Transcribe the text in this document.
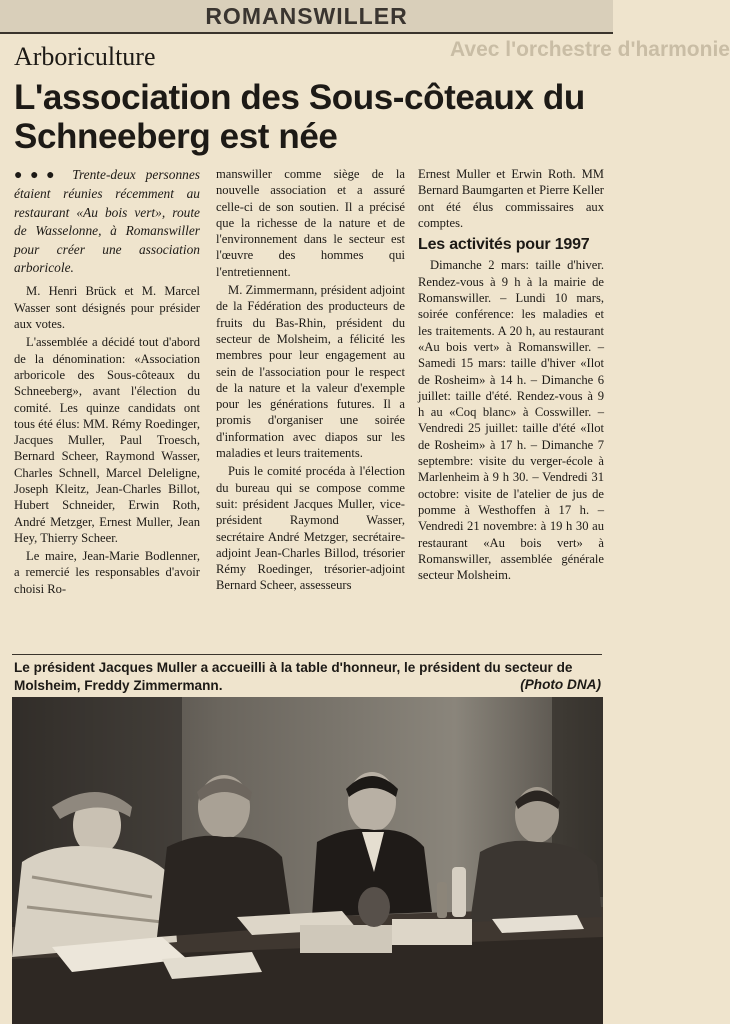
ROMANSWILLER
Avec l'orchestre d'harmonie
Arboriculture
L'association des Sous-côteaux du Schneeberg est née

●●● Trente-deux personnes étaient réunies récemment au restaurant «Au bois vert», route de Wasselonne, à Romanswiller pour créer une association arboricole.

M. Henri Brück et M. Marcel Wasser sont désignés pour présider aux votes.

L'assemblée a décidé tout d'abord de la dénomination: «Association arboricole des Sous-côteaux du Schneeberg», avant l'élection du comité. Les quinze candidats ont tous été élus: MM. Rémy Roedinger, Jacques Muller, Paul Troesch, Bernard Scheer, Raymond Wasser, Charles Schnell, Marcel Deleligne, Joseph Kleitz, Jean-Charles Billot, Hubert Schneider, Erwin Roth, André Metzger, Ernest Muller, Jean Hey, Thierry Scheer.

Le maire, Jean-Marie Bodlenner, a remercié les responsables d'avoir choisi Ro-

manswiller comme siège de la nouvelle association et a assuré celle-ci de son soutien. Il a précisé que la richesse de la nature et de l'environnement dans le secteur est l'œuvre des hommes qui l'entretiennent.

M. Zimmermann, président adjoint de la Fédération des producteurs de fruits du Bas-Rhin, président du secteur de Molsheim, a félicité les membres pour leur engagement au sein de l'association pour le respect de la nature et la valeur d'exemple pour les générations futures. Il a promis d'organiser une soirée d'information avec diapos sur les maladies et leurs traitements.

Puis le comité procéda à l'élection du bureau qui se compose comme suit: président Jacques Muller, vice-président Raymond Wasser, secrétaire André Metzger, secrétaire-adjoint Jean-Charles Billod, trésorier Rémy Roedinger, trésorier-adjoint Bernard Scheer, assesseurs

Ernest Muller et Erwin Roth. MM Bernard Baumgarten et Pierre Keller ont été élus commissaires aux comptes.

Les activités pour 1997

Dimanche 2 mars: taille d'hiver. Rendez-vous à 9 h à la mairie de Romanswiller. – Lundi 10 mars, soirée conférence: les maladies et les traitements. A 20 h, au restaurant «Au bois vert» à Romanswiller. – Samedi 15 mars: taille d'hiver «Ilot de Rosheim» à 14 h. – Dimanche 6 juillet: taille d'été. Rendez-vous à 9 h au «Coq blanc» à Cosswiller. – Vendredi 25 juillet: taille d'été «Ilot de Rosheim» à 17 h. – Dimanche 7 septembre: visite du verger-école à Marlenheim à 9 h 30. – Vendredi 31 octobre: visite de l'atelier de jus de pomme à Westhoffen à 17 h. – Vendredi 21 novembre: à 19 h 30 au restaurant «Au bois vert» à Romanswiller, assemblée générale secteur Molsheim.

Le président Jacques Muller a accueilli à la table d'honneur, le président du secteur de Molsheim, Freddy Zimmermann.	(Photo DNA)
